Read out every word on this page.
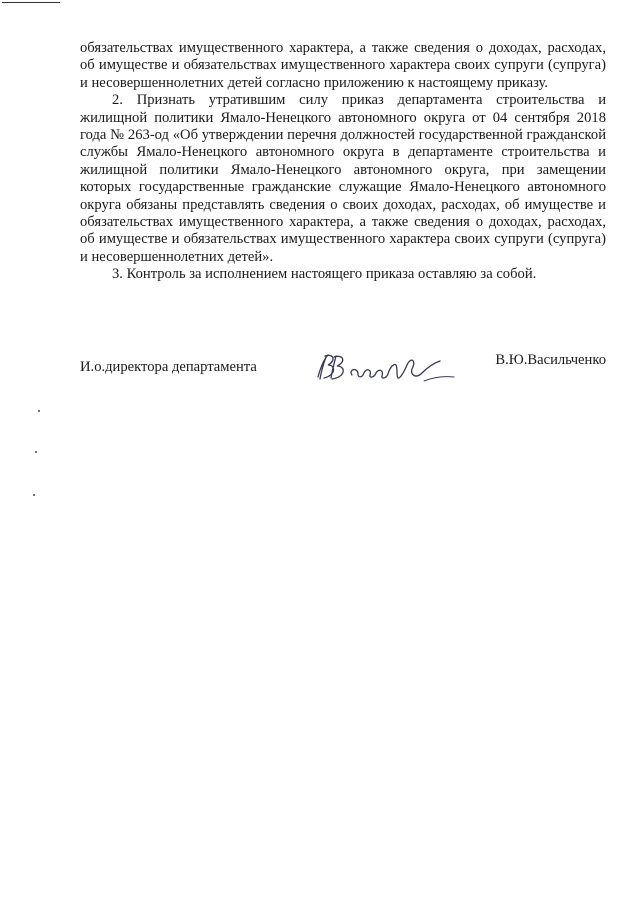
обязательствах имущественного характера, а также сведения о доходах, расходах, об имуществе и обязательствах имущественного характера своих супруги (супруга) и несовершеннолетних детей согласно приложению к настоящему приказу.

2. Признать утратившим силу приказ департамента строительства и жилищной политики Ямало-Ненецкого автономного округа от 04 сентября 2018 года № 263-од «Об утверждении перечня должностей государственной гражданской службы Ямало-Ненецкого автономного округа в департаменте строительства и жилищной политики Ямало-Ненецкого автономного округа, при замещении которых государственные гражданские служащие Ямало-Ненецкого автономного округа обязаны представлять сведения о своих доходах, расходах, об имуществе и обязательствах имущественного характера, а также сведения о доходах, расходах, об имуществе и обязательствах имущественного характера своих супруги (супруга) и несовершеннолетних детей».

3. Контроль за исполнением настоящего приказа оставляю за собой.

И.о.директора департамента	В.Ю.Васильченко
